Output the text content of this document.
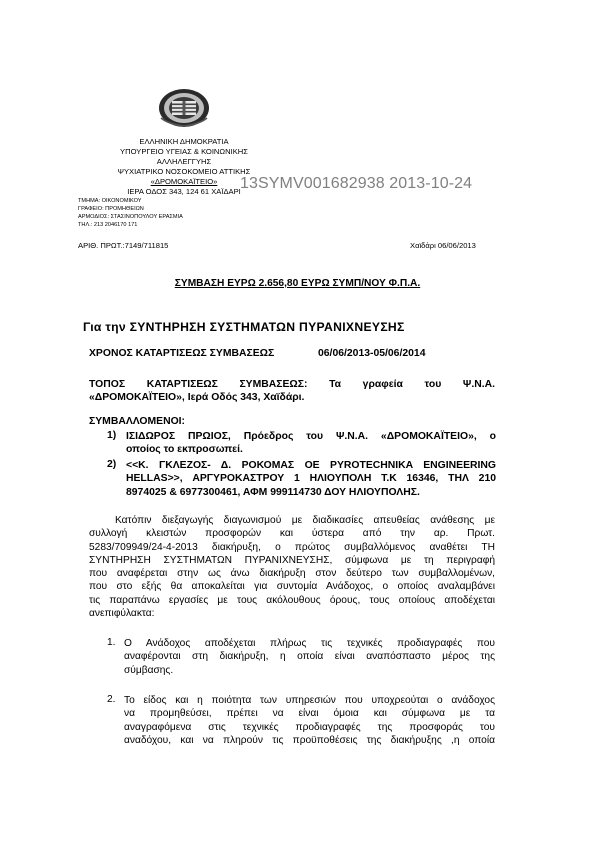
ΕΛΛΗΝΙΚΗ ΔΗΜΟΚΡΑΤΙΑ
ΥΠΟΥΡΓΕΙΟ ΥΓΕΙΑΣ & ΚΟΙΝΩΝΙΚΗΣ
ΑΛΛΗΛΕΓΓΥΗΣ
ΨΥΧΙΑΤΡΙΚΟ ΝΟΣΟΚΟΜΕΙΟ ΑΤΤΙΚΗΣ
«ΔΡΟΜΟΚΑΪΤΕΙΟ»
ΙΕΡΑ ΟΔΟΣ 343, 124 61 ΧΑΪΔΑΡΙ 13SYMV001682938 2013-10-24
ΤΜΗΜΑ: ΟΙΚΟΝΟΜΙΚΟΥ
ΓΡΑΦΕΙΟ: ΠΡΟΜΗΘΕΙΩΝ
ΑΡΜΟΔΙΟΣ: ΣΤΑΣΙΝΟΠΟΥΛΟΥ ΕΡΑΣΜΙΑ
ΤΗΛ.: 213 2046170 171
ΑΡΙΘ. ΠΡΩΤ.:7149/711815	Χαϊδάρι 06/06/2013
ΣΥΜΒΑΣΗ ΕΥΡΩ 2.656,80 ΕΥΡΩ ΣΥΜΠ/ΝΟΥ Φ.Π.Α.
Για την ΣΥΝΤΗΡΗΣΗ ΣΥΣΤΗΜΑΤΩΝ ΠΥΡΑΝΙΧΝΕΥΣΗΣ
ΧΡΟΝΟΣ ΚΑΤΑΡΤΙΣΕΩΣ ΣΥΜΒΑΣΕΩΣ	06/06/2013-05/06/2014
ΤΟΠΟΣ ΚΑΤΑΡΤΙΣΕΩΣ ΣΥΜΒΑΣΕΩΣ: Τα γραφεία του Ψ.Ν.Α.
«ΔΡΟΜΟΚΑΪΤΕΙΟ», Ιερά Οδός 343, Χαϊδάρι.
ΣΥΜΒΑΛΛΟΜΕΝΟΙ:
1) ΙΣΙΔΩΡΟΣ ΠΡΩΙΟΣ, Πρόεδρος του Ψ.Ν.Α. «ΔΡΟΜΟΚΑΪΤΕΙΟ», ο
οποίος το εκπροσωπεί.
2) <<Κ. ΓΚΛΕΖΟΣ- Δ. ΡΟΚΟΜΑΣ ΟΕ PYROTECHNIKA ENGINEERING
HELLAS>>, ΑΡΓΥΡΟΚΑΣΤΡΟΥ 1 ΗΛΙΟΥΠΟΛΗ Τ.Κ 16346, ΤΗΛ 210
8974025 & 6977300461, ΑΦΜ 999114730 ΔΟΥ ΗΛΙΟΥΠΟΛΗΣ.
Κατόπιν διεξαγωγής διαγωνισμού με διαδικασίες απευθείας ανάθεσης με
συλλογή κλειστών προσφορών και ύστερα από την αρ. Πρωτ.
5283/709949/24-4-2013 διακήρυξη, ο πρώτος συμβαλλόμενος αναθέτει ΤΗ
ΣΥΝΤΗΡΗΣΗ ΣΥΣΤΗΜΑΤΩΝ ΠΥΡΑΝΙΧΝΕΥΣΗΣ, σύμφωνα με τη περιγραφή
που αναφέρεται στην ως άνω διακήρυξη στον δεύτερο των συμβαλλομένων,
που στο εξής θα αποκαλείται για συντομία Ανάδοχος, ο οποίος αναλαμβάνει
τις παραπάνω εργασίες με τους ακόλουθους όρους, τους οποίους αποδέχεται
ανεπιφύλακτα:
1. Ο Ανάδοχος αποδέχεται πλήρως τις τεχνικές προδιαγραφές που
αναφέρονται στη διακήρυξη, η οποία είναι αναπόσπαστο μέρος της
σύμβασης.
2. Το είδος και η ποιότητα των υπηρεσιών που υποχρεούται ο ανάδοχος
να προμηθεύσει, πρέπει να είναι όμοια και σύμφωνα με τα
αναγραφόμενα στις τεχνικές προδιαγραφές της προσφοράς του
αναδόχου, και να πληρούν τις προϋποθέσεις της διακήρυξης ,η οποία
